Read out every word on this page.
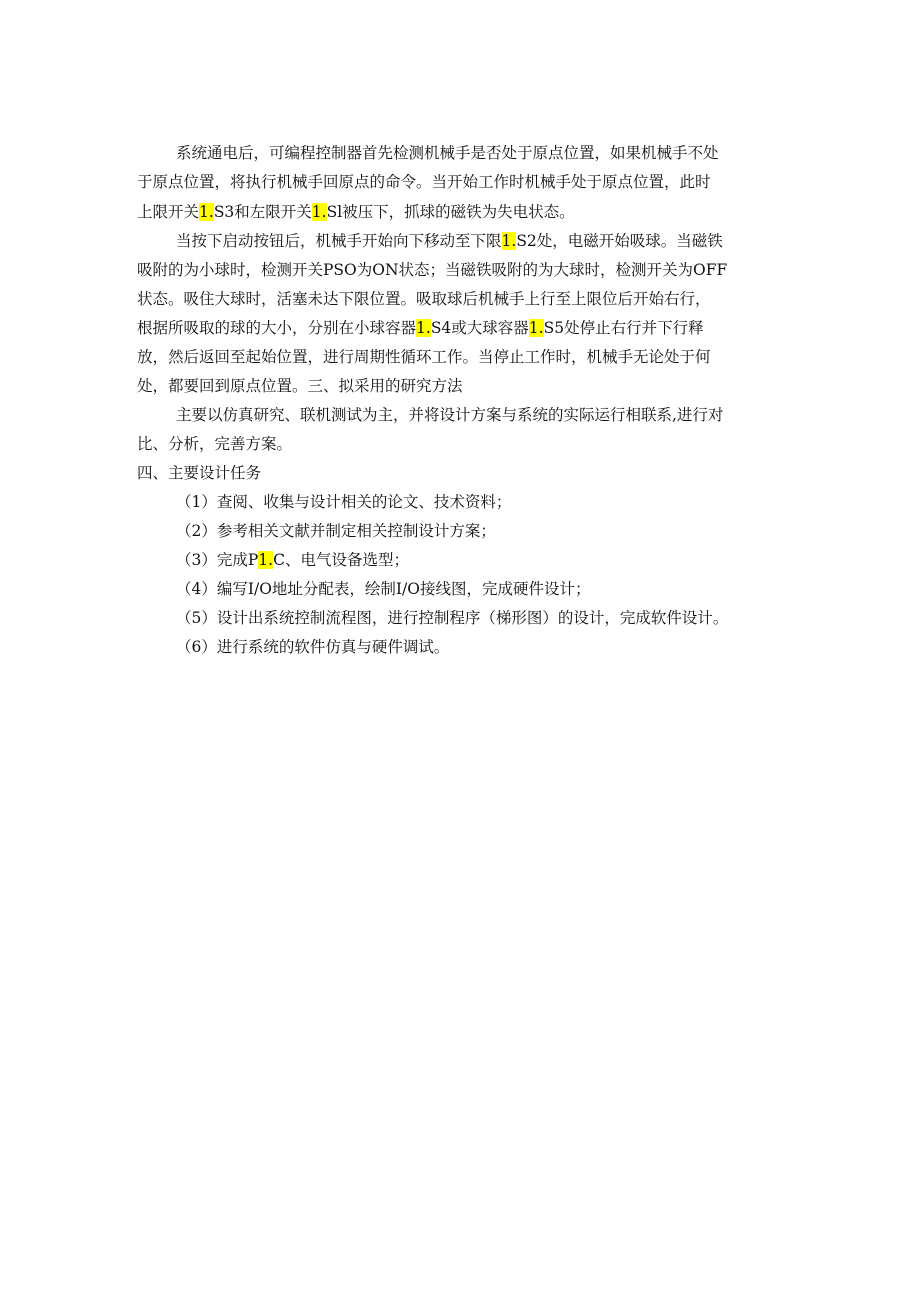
系统通电后，可编程控制器首先检测机械手是否处于原点位置，如果机械手不处
于原点位置，将执行机械手回原点的命令。当开始工作时机械手处于原点位置，此时
上限开关1.S3和左限开关1.Sl被压下，抓球的磁铁为失电状态。
当按下启动按钮后，机械手开始向下移动至下限1.S2处，电磁开始吸球。当磁铁
吸附的为小球时，检测开关PSO为ON状态；当磁铁吸附的为大球时，检测开关为OFF
状态。吸住大球时，活塞未达下限位置。吸取球后机械手上行至上限位后开始右行，
根据所吸取的球的大小，分别在小球容器1.S4或大球容器1.S5处停止右行并下行释
放，然后返回至起始位置，进行周期性循环工作。当停止工作时，机械手无论处于何
处，都要回到原点位置。三、拟采用的研究方法
主要以仿真研究、联机测试为主，并将设计方案与系统的实际运行相联系,进行对
比、分析，完善方案。
四、主要设计任务
（1）查阅、收集与设计相关的论文、技术资料；
（2）参考相关文献并制定相关控制设计方案；
（3）完成P1.C、电气设备选型；
（4）编写I/O地址分配表，绘制I/O接线图，完成硬件设计；
（5）设计出系统控制流程图，进行控制程序（梯形图）的设计，完成软件设计。
（6）进行系统的软件仿真与硬件调试。
